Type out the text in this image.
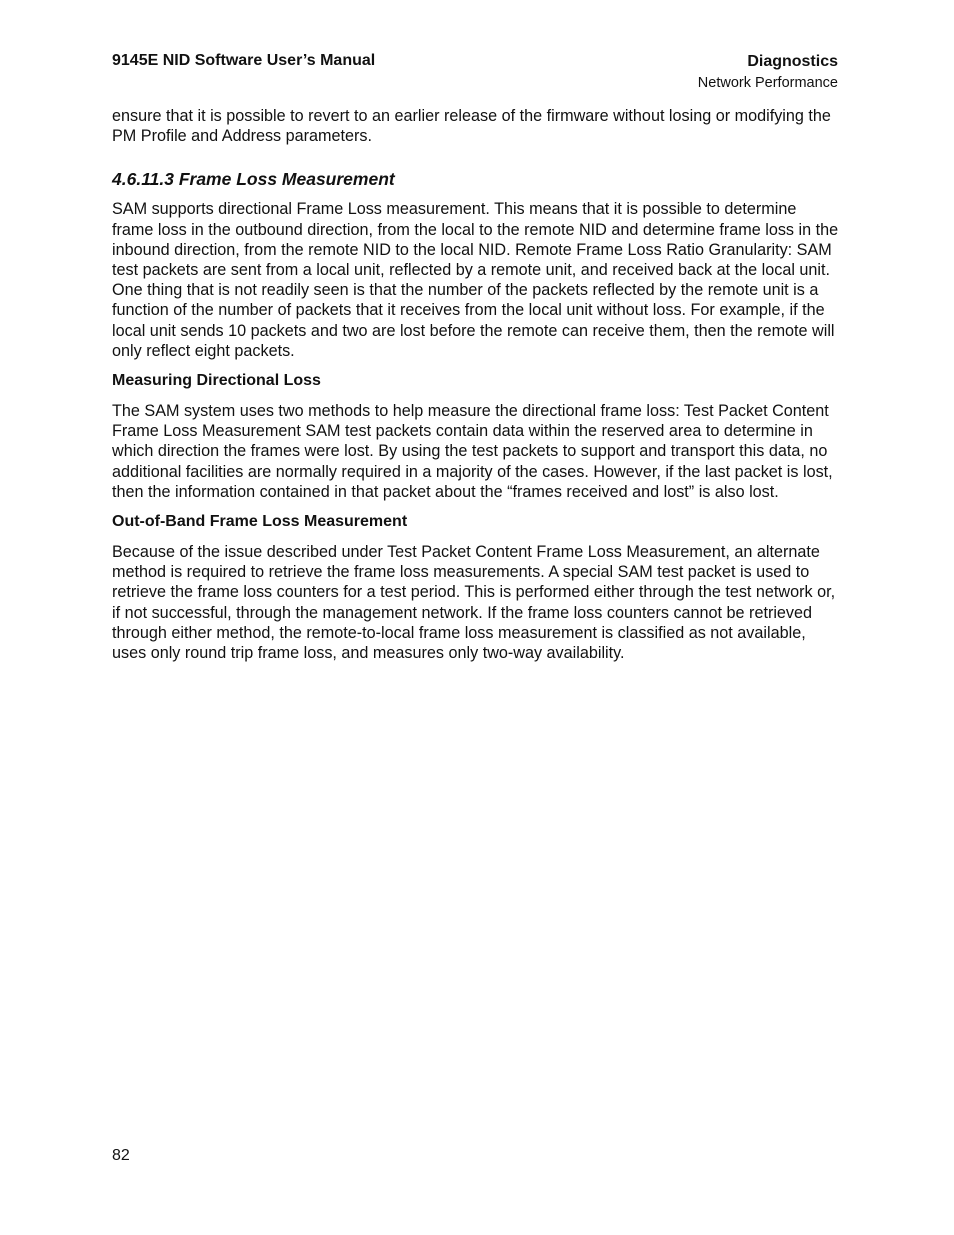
9145E NID Software User’s Manual	Diagnostics
Network Performance

ensure that it is possible to revert to an earlier release of the firmware without losing or modifying the PM Profile and Address parameters.

4.6.11.3 Frame Loss Measurement

SAM supports directional Frame Loss measurement. This means that it is possible to determine frame loss in the outbound direction, from the local to the remote NID and determine frame loss in the inbound direction, from the remote NID to the local NID. Remote Frame Loss Ratio Granularity: SAM test packets are sent from a local unit, reflected by a remote unit, and received back at the local unit. One thing that is not readily seen is that the number of the packets reflected by the remote unit is a function of the number of packets that it receives from the local unit without loss. For example, if the local unit sends 10 packets and two are lost before the remote can receive them, then the remote will only reflect eight packets.

Measuring Directional Loss

The SAM system uses two methods to help measure the directional frame loss: Test Packet Content Frame Loss Measurement SAM test packets contain data within the reserved area to determine in which direction the frames were lost. By using the test packets to support and transport this data, no additional facilities are normally required in a majority of the cases. However, if the last packet is lost, then the information contained in that packet about the “frames received and lost” is also lost.

Out-of-Band Frame Loss Measurement

Because of the issue described under Test Packet Content Frame Loss Measurement, an alternate method is required to retrieve the frame loss measurements. A special SAM test packet is used to retrieve the frame loss counters for a test period. This is performed either through the test network or, if not successful, through the management network. If the frame loss counters cannot be retrieved through either method, the remote-to-local frame loss measurement is classified as not available, uses only round trip frame loss, and measures only two-way availability.

82
